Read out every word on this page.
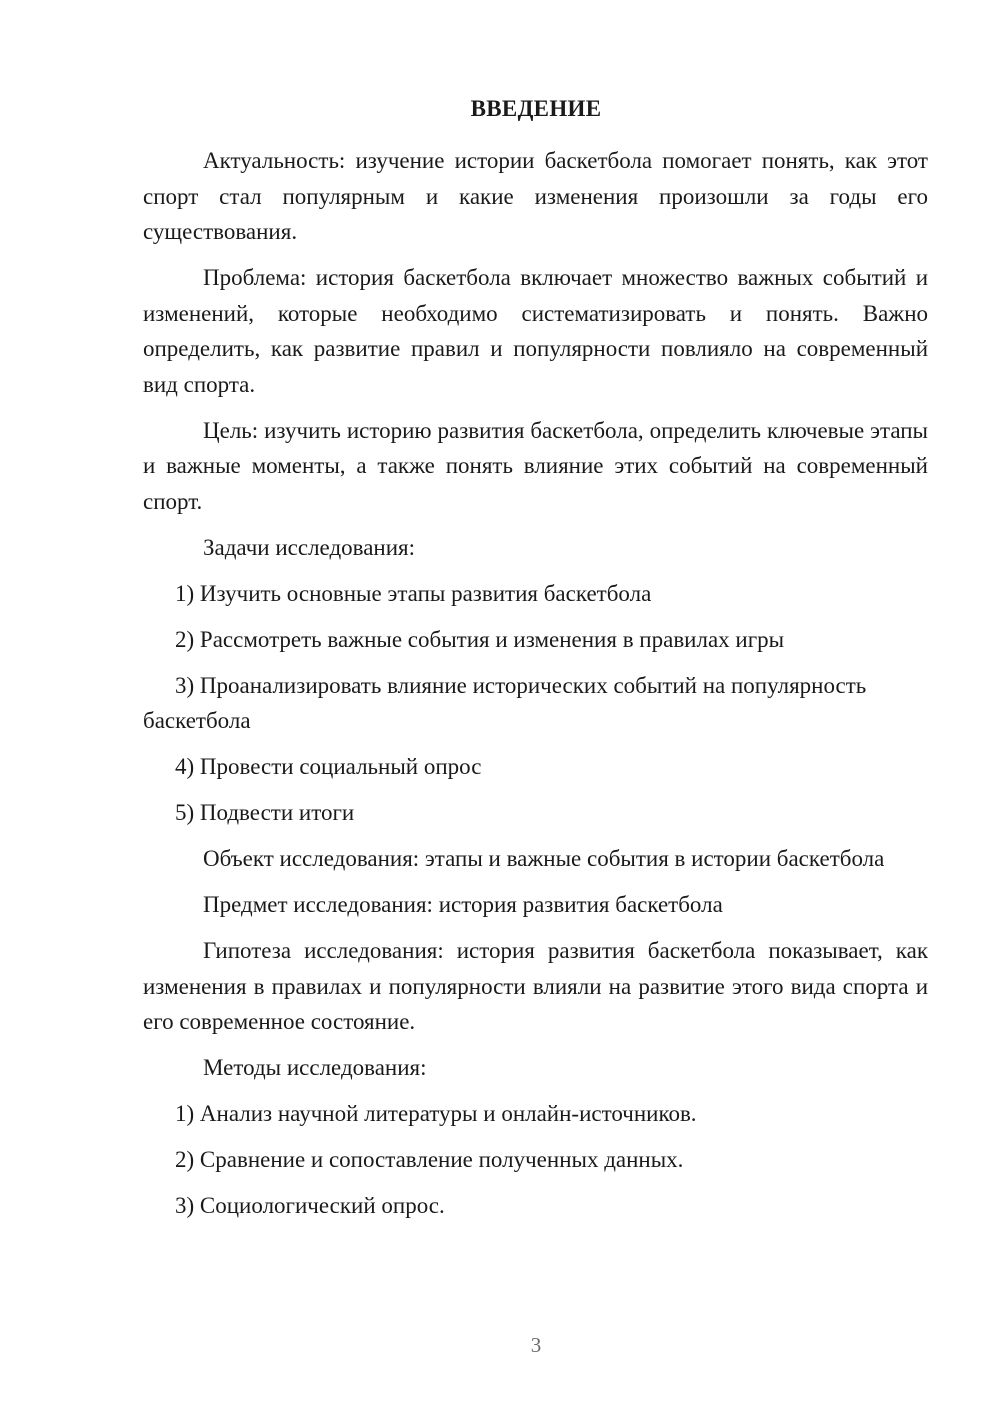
ВВЕДЕНИЕ

Актуальность: изучение истории баскетбола помогает понять, как этот спорт стал популярным и какие изменения произошли за годы его существования.

Проблема: история баскетбола включает множество важных событий и изменений, которые необходимо систематизировать и понять. Важно определить, как развитие правил и популярности повлияло на современный вид спорта.

Цель: изучить историю развития баскетбола, определить ключевые этапы и важные моменты, а также понять влияние этих событий на современный спорт.

Задачи исследования:

1) Изучить основные этапы развития баскетбола

2) Рассмотреть важные события и изменения в правилах игры

3) Проанализировать влияние исторических событий на популярность баскетбола

4) Провести социальный опрос

5) Подвести итоги

Объект исследования: этапы и важные события в истории баскетбола

Предмет исследования: история развития баскетбола

Гипотеза исследования: история развития баскетбола показывает, как изменения в правилах и популярности влияли на развитие этого вида спорта и его современное состояние.

Методы исследования:

1) Анализ научной литературы и онлайн-источников.

2) Сравнение и сопоставление полученных данных.

3) Социологический опрос.

3
